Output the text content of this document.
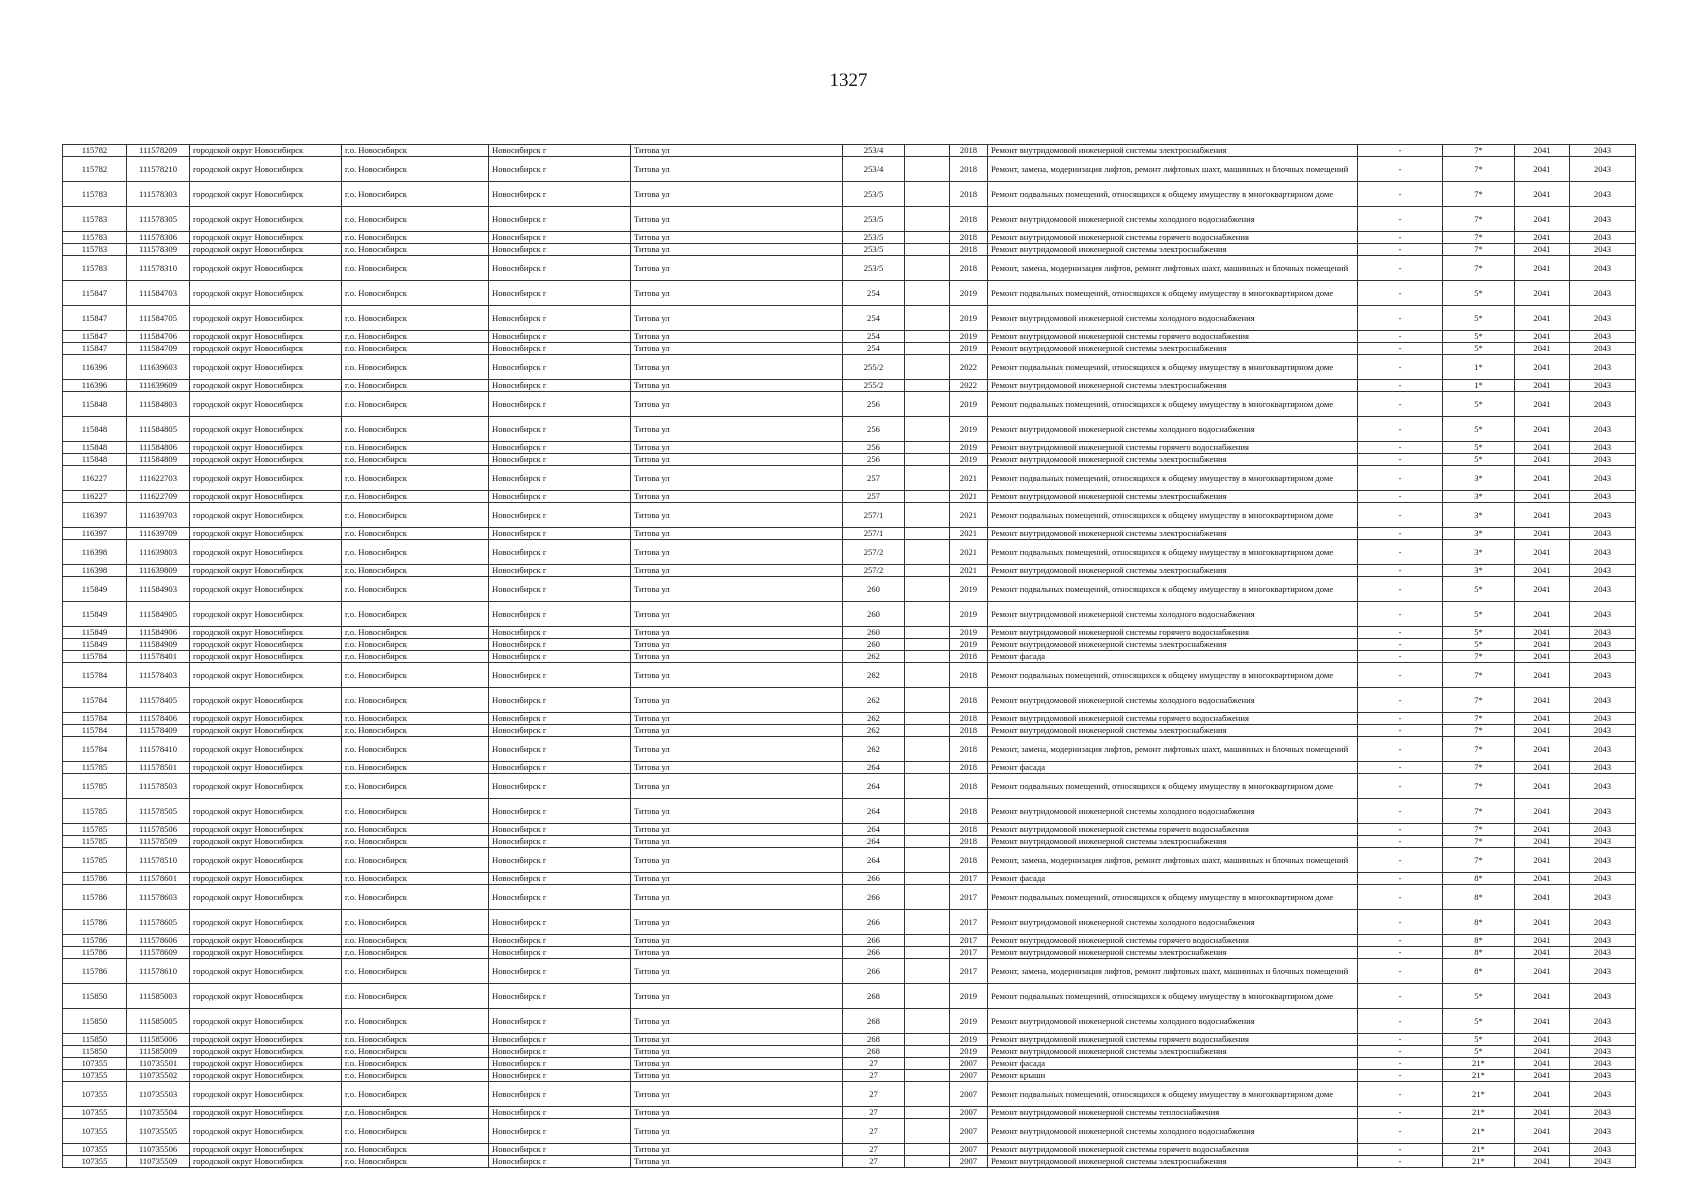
1327
115782	111578209	городской округ Новосибирск	г.о. Новосибирск	Новосибирск г	Титова ул	253/4		2018	Ремонт внутридомовой инженерной системы электроснабжения	-	7*	2041	2043
115782	111578210	городской округ Новосибирск	г.о. Новосибирск	Новосибирск г	Титова ул	253/4		2018	Ремонт, замена, модернизация лифтов, ремонт лифтовых шахт, машинных и блочных помещений	-	7*	2041	2043
115783	111578303	городской округ Новосибирск	г.о. Новосибирск	Новосибирск г	Титова ул	253/5		2018	Ремонт подвальных помещений, относящихся к общему имуществу в многоквартирном доме	-	7*	2041	2043
115783	111578305	городской округ Новосибирск	г.о. Новосибирск	Новосибирск г	Титова ул	253/5		2018	Ремонт внутридомовой инженерной системы холодного водоснабжения	-	7*	2041	2043
115783	111578306	городской округ Новосибирск	г.о. Новосибирск	Новосибирск г	Титова ул	253/5		2018	Ремонт внутридомовой инженерной системы горячего водоснабжения	-	7*	2041	2043
115783	111578309	городской округ Новосибирск	г.о. Новосибирск	Новосибирск г	Титова ул	253/5		2018	Ремонт внутридомовой инженерной системы электроснабжения	-	7*	2041	2043
115783	111578310	городской округ Новосибирск	г.о. Новосибирск	Новосибирск г	Титова ул	253/5		2018	Ремонт, замена, модернизация лифтов, ремонт лифтовых шахт, машинных и блочных помещений	-	7*	2041	2043
115847	111584703	городской округ Новосибирск	г.о. Новосибирск	Новосибирск г	Титова ул	254		2019	Ремонт подвальных помещений, относящихся к общему имуществу в многоквартирном доме	-	5*	2041	2043
115847	111584705	городской округ Новосибирск	г.о. Новосибирск	Новосибирск г	Титова ул	254		2019	Ремонт внутридомовой инженерной системы холодного водоснабжения	-	5*	2041	2043
115847	111584706	городской округ Новосибирск	г.о. Новосибирск	Новосибирск г	Титова ул	254		2019	Ремонт внутридомовой инженерной системы горячего водоснабжения	-	5*	2041	2043
115847	111584709	городской округ Новосибирск	г.о. Новосибирск	Новосибирск г	Титова ул	254		2019	Ремонт внутридомовой инженерной системы электроснабжения	-	5*	2041	2043
116396	111639603	городской округ Новосибирск	г.о. Новосибирск	Новосибирск г	Титова ул	255/2		2022	Ремонт подвальных помещений, относящихся к общему имуществу в многоквартирном доме	-	1*	2041	2043
116396	111639609	городской округ Новосибирск	г.о. Новосибирск	Новосибирск г	Титова ул	255/2		2022	Ремонт внутридомовой инженерной системы электроснабжения	-	1*	2041	2043
115848	111584803	городской округ Новосибирск	г.о. Новосибирск	Новосибирск г	Титова ул	256		2019	Ремонт подвальных помещений, относящихся к общему имуществу в многоквартирном доме	-	5*	2041	2043
115848	111584805	городской округ Новосибирск	г.о. Новосибирск	Новосибирск г	Титова ул	256		2019	Ремонт внутридомовой инженерной системы холодного водоснабжения	-	5*	2041	2043
115848	111584806	городской округ Новосибирск	г.о. Новосибирск	Новосибирск г	Титова ул	256		2019	Ремонт внутридомовой инженерной системы горячего водоснабжения	-	5*	2041	2043
115848	111584809	городской округ Новосибирск	г.о. Новосибирск	Новосибирск г	Титова ул	256		2019	Ремонт внутридомовой инженерной системы электроснабжения	-	5*	2041	2043
116227	111622703	городской округ Новосибирск	г.о. Новосибирск	Новосибирск г	Титова ул	257		2021	Ремонт подвальных помещений, относящихся к общему имуществу в многоквартирном доме	-	3*	2041	2043
116227	111622709	городской округ Новосибирск	г.о. Новосибирск	Новосибирск г	Титова ул	257		2021	Ремонт внутридомовой инженерной системы электроснабжения	-	3*	2041	2043
116397	111639703	городской округ Новосибирск	г.о. Новосибирск	Новосибирск г	Титова ул	257/1		2021	Ремонт подвальных помещений, относящихся к общему имуществу в многоквартирном доме	-	3*	2041	2043
116397	111639709	городской округ Новосибирск	г.о. Новосибирск	Новосибирск г	Титова ул	257/1		2021	Ремонт внутридомовой инженерной системы электроснабжения	-	3*	2041	2043
116398	111639803	городской округ Новосибирск	г.о. Новосибирск	Новосибирск г	Титова ул	257/2		2021	Ремонт подвальных помещений, относящихся к общему имуществу в многоквартирном доме	-	3*	2041	2043
116398	111639809	городской округ Новосибирск	г.о. Новосибирск	Новосибирск г	Титова ул	257/2		2021	Ремонт внутридомовой инженерной системы электроснабжения	-	3*	2041	2043
115849	111584903	городской округ Новосибирск	г.о. Новосибирск	Новосибирск г	Титова ул	260		2019	Ремонт подвальных помещений, относящихся к общему имуществу в многоквартирном доме	-	5*	2041	2043
115849	111584905	городской округ Новосибирск	г.о. Новосибирск	Новосибирск г	Титова ул	260		2019	Ремонт внутридомовой инженерной системы холодного водоснабжения	-	5*	2041	2043
115849	111584906	городской округ Новосибирск	г.о. Новосибирск	Новосибирск г	Титова ул	260		2019	Ремонт внутридомовой инженерной системы горячего водоснабжения	-	5*	2041	2043
115849	111584909	городской округ Новосибирск	г.о. Новосибирск	Новосибирск г	Титова ул	260		2019	Ремонт внутридомовой инженерной системы электроснабжения	-	5*	2041	2043
115784	111578401	городской округ Новосибирск	г.о. Новосибирск	Новосибирск г	Титова ул	262		2018	Ремонт фасада	-	7*	2041	2043
115784	111578403	городской округ Новосибирск	г.о. Новосибирск	Новосибирск г	Титова ул	262		2018	Ремонт подвальных помещений, относящихся к общему имуществу в многоквартирном доме	-	7*	2041	2043
115784	111578405	городской округ Новосибирск	г.о. Новосибирск	Новосибирск г	Титова ул	262		2018	Ремонт внутридомовой инженерной системы холодного водоснабжения	-	7*	2041	2043
115784	111578406	городской округ Новосибирск	г.о. Новосибирск	Новосибирск г	Титова ул	262		2018	Ремонт внутридомовой инженерной системы горячего водоснабжения	-	7*	2041	2043
115784	111578409	городской округ Новосибирск	г.о. Новосибирск	Новосибирск г	Титова ул	262		2018	Ремонт внутридомовой инженерной системы электроснабжения	-	7*	2041	2043
115784	111578410	городской округ Новосибирск	г.о. Новосибирск	Новосибирск г	Титова ул	262		2018	Ремонт, замена, модернизация лифтов, ремонт лифтовых шахт, машинных и блочных помещений	-	7*	2041	2043
115785	111578501	городской округ Новосибирск	г.о. Новосибирск	Новосибирск г	Титова ул	264		2018	Ремонт фасада	-	7*	2041	2043
115785	111578503	городской округ Новосибирск	г.о. Новосибирск	Новосибирск г	Титова ул	264		2018	Ремонт подвальных помещений, относящихся к общему имуществу в многоквартирном доме	-	7*	2041	2043
115785	111578505	городской округ Новосибирск	г.о. Новосибирск	Новосибирск г	Титова ул	264		2018	Ремонт внутридомовой инженерной системы холодного водоснабжения	-	7*	2041	2043
115785	111578506	городской округ Новосибирск	г.о. Новосибирск	Новосибирск г	Титова ул	264		2018	Ремонт внутридомовой инженерной системы горячего водоснабжения	-	7*	2041	2043
115785	111578509	городской округ Новосибирск	г.о. Новосибирск	Новосибирск г	Титова ул	264		2018	Ремонт внутридомовой инженерной системы электроснабжения	-	7*	2041	2043
115785	111578510	городской округ Новосибирск	г.о. Новосибирск	Новосибирск г	Титова ул	264		2018	Ремонт, замена, модернизация лифтов, ремонт лифтовых шахт, машинных и блочных помещений	-	7*	2041	2043
115786	111578601	городской округ Новосибирск	г.о. Новосибирск	Новосибирск г	Титова ул	266		2017	Ремонт фасада	-	8*	2041	2043
115786	111578603	городской округ Новосибирск	г.о. Новосибирск	Новосибирск г	Титова ул	266		2017	Ремонт подвальных помещений, относящихся к общему имуществу в многоквартирном доме	-	8*	2041	2043
115786	111578605	городской округ Новосибирск	г.о. Новосибирск	Новосибирск г	Титова ул	266		2017	Ремонт внутридомовой инженерной системы холодного водоснабжения	-	8*	2041	2043
115786	111578606	городской округ Новосибирск	г.о. Новосибирск	Новосибирск г	Титова ул	266		2017	Ремонт внутридомовой инженерной системы горячего водоснабжения	-	8*	2041	2043
115786	111578609	городской округ Новосибирск	г.о. Новосибирск	Новосибирск г	Титова ул	266		2017	Ремонт внутридомовой инженерной системы электроснабжения	-	8*	2041	2043
115786	111578610	городской округ Новосибирск	г.о. Новосибирск	Новосибирск г	Титова ул	266		2017	Ремонт, замена, модернизация лифтов, ремонт лифтовых шахт, машинных и блочных помещений	-	8*	2041	2043
115850	111585003	городской округ Новосибирск	г.о. Новосибирск	Новосибирск г	Титова ул	268		2019	Ремонт подвальных помещений, относящихся к общему имуществу в многоквартирном доме	-	5*	2041	2043
115850	111585005	городской округ Новосибирск	г.о. Новосибирск	Новосибирск г	Титова ул	268		2019	Ремонт внутридомовой инженерной системы холодного водоснабжения	-	5*	2041	2043
115850	111585006	городской округ Новосибирск	г.о. Новосибирск	Новосибирск г	Титова ул	268		2019	Ремонт внутридомовой инженерной системы горячего водоснабжения	-	5*	2041	2043
115850	111585009	городской округ Новосибирск	г.о. Новосибирск	Новосибирск г	Титова ул	268		2019	Ремонт внутридомовой инженерной системы электроснабжения	-	5*	2041	2043
107355	110735501	городской округ Новосибирск	г.о. Новосибирск	Новосибирск г	Титова ул	27		2007	Ремонт фасада	-	21*	2041	2043
107355	110735502	городской округ Новосибирск	г.о. Новосибирск	Новосибирск г	Титова ул	27		2007	Ремонт крыши	-	21*	2041	2043
107355	110735503	городской округ Новосибирск	г.о. Новосибирск	Новосибирск г	Титова ул	27		2007	Ремонт подвальных помещений, относящихся к общему имуществу в многоквартирном доме	-	21*	2041	2043
107355	110735504	городской округ Новосибирск	г.о. Новосибирск	Новосибирск г	Титова ул	27		2007	Ремонт внутридомовой инженерной системы теплоснабжения	-	21*	2041	2043
107355	110735505	городской округ Новосибирск	г.о. Новосибирск	Новосибирск г	Титова ул	27		2007	Ремонт внутридомовой инженерной системы холодного водоснабжения	-	21*	2041	2043
107355	110735506	городской округ Новосибирск	г.о. Новосибирск	Новосибирск г	Титова ул	27		2007	Ремонт внутридомовой инженерной системы горячего водоснабжения	-	21*	2041	2043
107355	110735509	городской округ Новосибирск	г.о. Новосибирск	Новосибирск г	Титова ул	27		2007	Ремонт внутридомовой инженерной системы электроснабжения	-	21*	2041	2043
